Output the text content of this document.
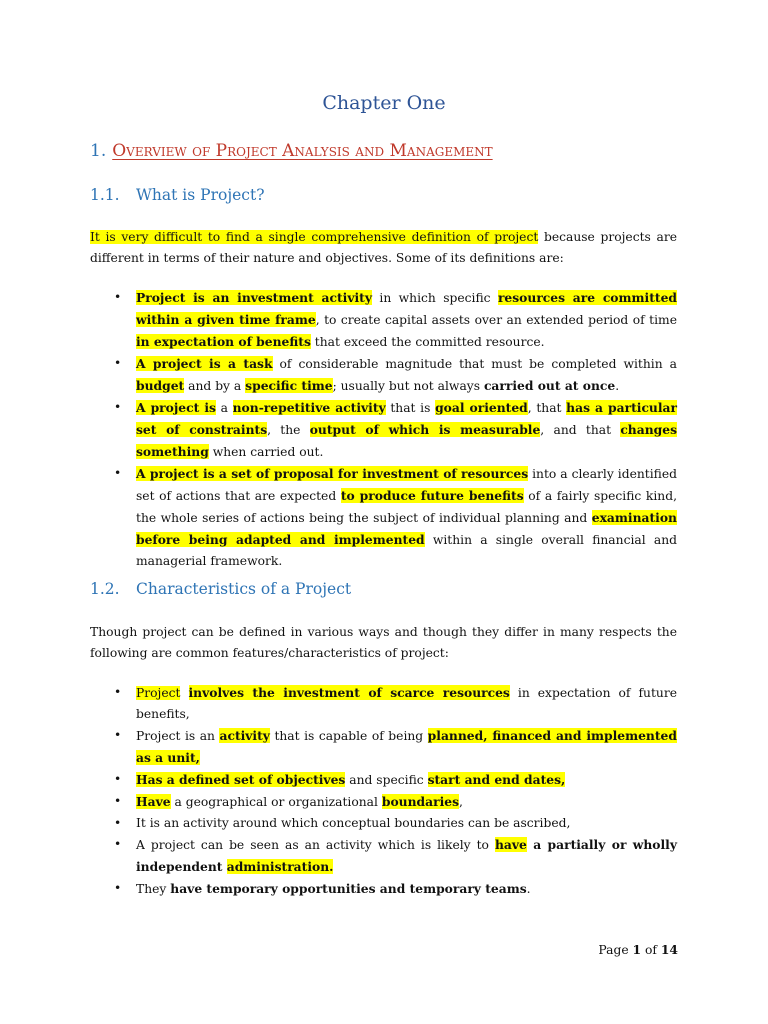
Chapter One
1. Overview of Project Analysis and Management
1.1. What is Project?

It is very difficult to find a single comprehensive definition of project because projects are different in terms of their nature and objectives. Some of its definitions are:

• Project is an investment activity in which specific resources are committed within a given time frame, to create capital assets over an extended period of time in expectation of benefits that exceed the committed resource.
• A project is a task of considerable magnitude that must be completed within a budget and by a specific time; usually but not always carried out at once.
• A project is a non-repetitive activity that is goal oriented, that has a particular set of constraints, the output of which is measurable, and that changes something when carried out.
• A project is a set of proposal for investment of resources into a clearly identified set of actions that are expected to produce future benefits of a fairly specific kind, the whole series of actions being the subject of individual planning and examination before being adapted and implemented within a single overall financial and managerial framework.
1.2. Characteristics of a Project

Though project can be defined in various ways and though they differ in many respects the following are common features/characteristics of project:

• Project involves the investment of scarce resources in expectation of future benefits,
• Project is an activity that is capable of being planned, financed and implemented as a unit,
• Has a defined set of objectives and specific start and end dates,
• Have a geographical or organizational boundaries,
• It is an activity around which conceptual boundaries can be ascribed,
• A project can be seen as an activity which is likely to have a partially or wholly independent administration.
• They have temporary opportunities and temporary teams.
Page 1 of 14
